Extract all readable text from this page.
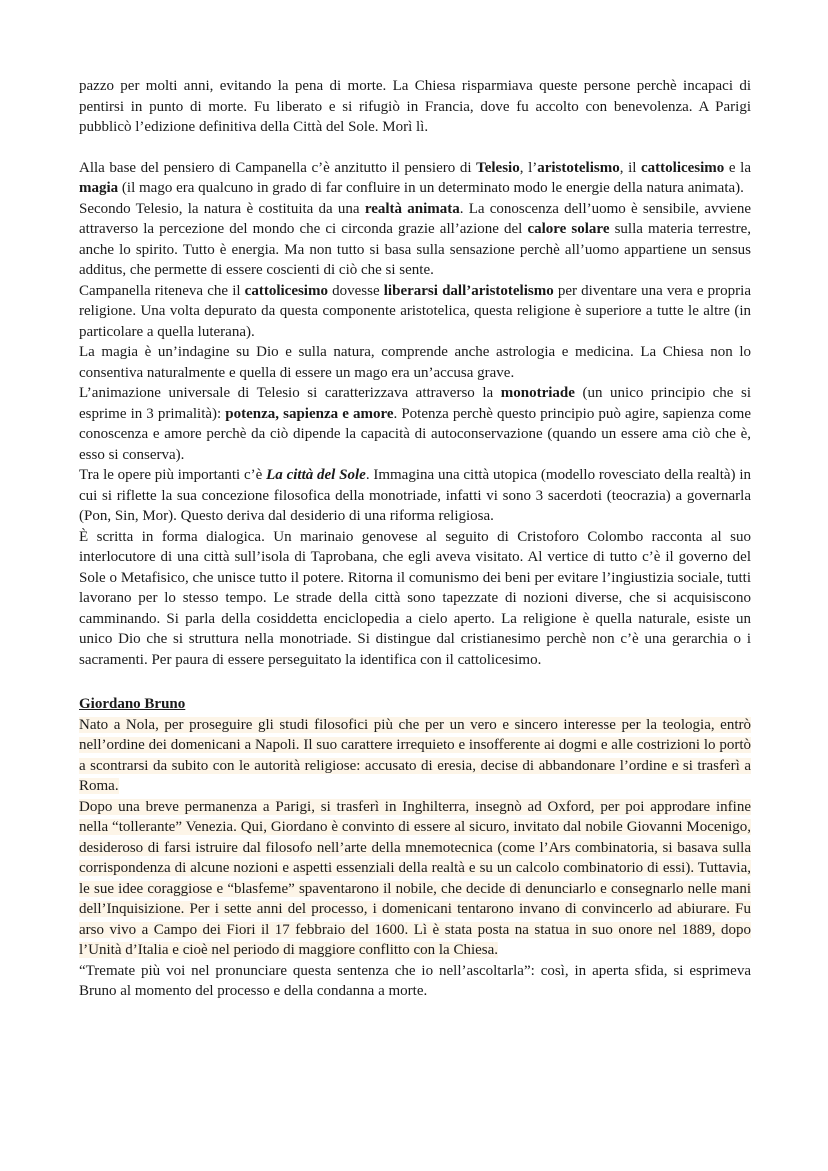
pazzo per molti anni, evitando la pena di morte. La Chiesa risparmiava queste persone perchè incapaci di pentirsi in punto di morte. Fu liberato e si rifugiò in Francia, dove fu accolto con benevolenza. A Parigi pubblicò l’edizione definitiva della Città del Sole. Morì lì.

Alla base del pensiero di Campanella c’è anzitutto il pensiero di Telesio, l’aristotelismo, il cattolicesimo e la magia (il mago era qualcuno in grado di far confluire in un determinato modo le energie della natura animata).

Secondo Telesio, la natura è costituita da una realtà animata. La conoscenza dell’uomo è sensibile, avviene attraverso la percezione del mondo che ci circonda grazie all’azione del calore solare sulla materia terrestre, anche lo spirito. Tutto è energia. Ma non tutto si basa sulla sensazione perchè all’uomo appartiene un sensus additus, che permette di essere coscienti di ciò che si sente.

Campanella riteneva che il cattolicesimo dovesse liberarsi dall’aristotelismo per diventare una vera e propria religione. Una volta depurato da questa componente aristotelica, questa religione è superiore a tutte le altre (in particolare a quella luterana).

La magia è un’indagine su Dio e sulla natura, comprende anche astrologia e medicina. La Chiesa non lo consentiva naturalmente e quella di essere un mago era un’accusa grave.

L’animazione universale di Telesio si caratterizzava attraverso la monotriade (un unico principio che si esprime in 3 primalità): potenza, sapienza e amore. Potenza perchè questo principio può agire, sapienza come conoscenza e amore perchè da ciò dipende la capacità di autoconservazione (quando un essere ama ciò che è, esso si conserva).

Tra le opere più importanti c’è La città del Sole. Immagina una città utopica (modello rovesciato della realtà) in cui si riflette la sua concezione filosofica della monotriade, infatti vi sono 3 sacerdoti (teocrazia) a governarla (Pon, Sin, Mor). Questo deriva dal desiderio di una riforma religiosa.

È scritta in forma dialogica. Un marinaio genovese al seguito di Cristoforo Colombo racconta al suo interlocutore di una città sull’isola di Taprobana, che egli aveva visitato. Al vertice di tutto c’è il governo del Sole o Metafisico, che unisce tutto il potere. Ritorna il comunismo dei beni per evitare l’ingiustizia sociale, tutti lavorano per lo stesso tempo. Le strade della città sono tapezzate di nozioni diverse, che si acquisiscono camminando. Si parla della cosiddetta enciclopedia a cielo aperto. La religione è quella naturale, esiste un unico Dio che si struttura nella monotriade. Si distingue dal cristianesimo perchè non c’è una gerarchia o i sacramenti. Per paura di essere perseguitato la identifica con il cattolicesimo.

Giordano Bruno

Nato a Nola, per proseguire gli studi filosofici più che per un vero e sincero interesse per la teologia, entrò nell’ordine dei domenicani a Napoli. Il suo carattere irrequieto e insofferente ai dogmi e alle costrizioni lo portò a scontrarsi da subito con le autorità religiose: accusato di eresia, decise di abbandonare l’ordine e si trasferì a Roma.

Dopo una breve permanenza a Parigi, si trasferì in Inghilterra, insegnò ad Oxford, per poi approdare infine nella “tollerante” Venezia. Qui, Giordano è convinto di essere al sicuro, invitato dal nobile Giovanni Mocenigo, desideroso di farsi istruire dal filosofo nell’arte della mnemotecnica (come l’Ars combinatoria, si basava sulla corrispondenza di alcune nozioni e aspetti essenziali della realtà e su un calcolo combinatorio di essi). Tuttavia, le sue idee coraggiose e “blasfeme” spaventarono il nobile, che decide di denunciarlo e consegnarlo nelle mani dell’Inquisizione. Per i sette anni del processo, i domenicani tentarono invano di convincerlo ad abiurare. Fu arso vivo a Campo dei Fiori il 17 febbraio del 1600. Lì è stata posta na statua in suo onore nel 1889, dopo l’Unità d’Italia e cioè nel periodo di maggiore conflitto con la Chiesa.

“Tremate più voi nel pronunciare questa sentenza che io nell’ascoltarla”: così, in aperta sfida, si esprimeva Bruno al momento del processo e della condanna a morte.
